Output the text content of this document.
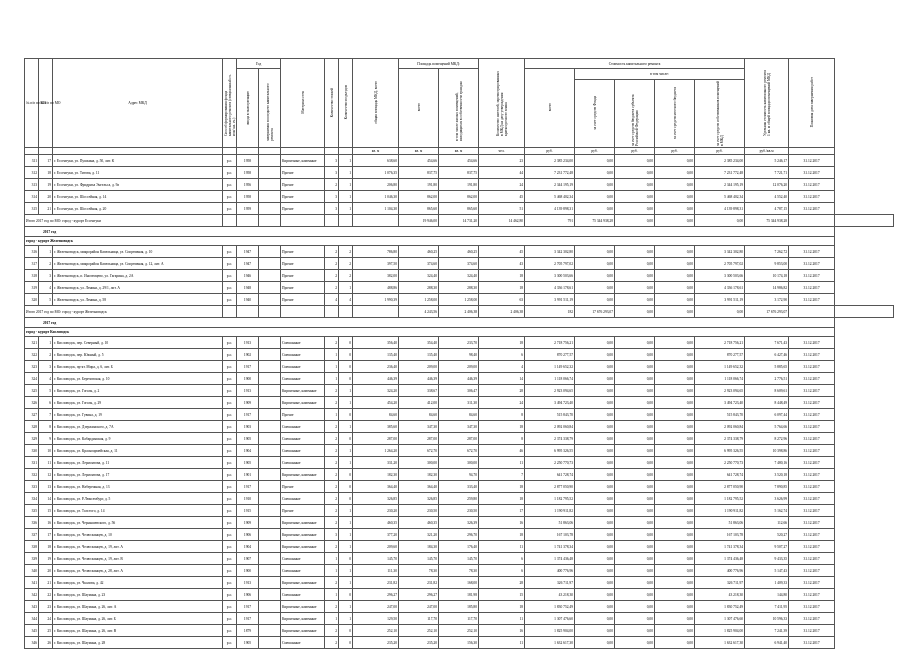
№ п/п по КП	№ п/п по МО	Адрес МКД	Способ формирования фонда капитального ремонта (специальный сч. или/ на. сч.)	Год		Материал стен	Количество этажей	Количество подъездов	общая площадь МКД, всего	Площадь помещений МКД:		Количество жителей, зарегистрированных в МКД на дату утверждения краткосрочного плана	Стоимость капитального ремонта					Удельная стоимость капитального ремонта 1 кв. м общей площади помещений МКД	Плановая дата завершения работ	
				ввода в эксплуатацию	завершения последнего капитального ремонта					всего	в том числе жилых помещений, находящихся в собственности граждан		всего	в том числе:						
														за счет средств Фонда	за счет средств бюджета субъекта Российской Федерации	за счет средств местного бюджета	за счет средств собственников помещений в МКД			
									кв. м	кв. м	кв. м	чел.	руб.	руб.	руб.	руб.	руб.	руб./кв.м		
311	17	г. Ессентуки, ул. Пушкина, д. 50, лит. К	р.о.	1958		Кирпичные, каменные	3	1	638,60	454,66	454,66	23	2 385 234,00	0,00	0,00	0,00	2 385 234,00	5 246,17	31.12.2017	
312	18	г. Ессентуки, ул. Титова, д. 11	р.о.	1958		Прочие	3	1	1 076,35	837,75	837,75	44	7 231 772,48	0,00	0,00	0,00	7 231 772,48	7 721,71	31.12.2017	
313	19	г. Ессентуки, ул. Фридриха Энгельса, д. 9а	р.о.	1956		Прочие	2	1	206,80	191,80	191,80	24	2 344 195,19	0,00	0,00	0,00	2 344 195,19	12 076,20	31.12.2017	
314	20	г. Ессентуки, ул. Шоссейная, д. 14	р.о.	1958		Прочие	3	1	1 046,30	862,00	862,00	45	5 468 402,34	0,00	0,00	0,00	5 468 402,34	4 552,40	31.12.2017	
315	21	г. Ессентуки, ул. Шоссейная, д. 20	р.о.	1959		Прочие	3	1	1 104,30	865,60	865,60	51	4 139 898,31	0,00	0,00	0,00	4 139 898,31	4 787,15	31.12.2017	
Итого 2017 год по МО: город - курорт Ессентуки										19 946,00	14 731,20	14 462,80	791	75 344 938,28	0,00	0,00	0,00	75 344 938,28		
2017 год																				
город - курорт Железноводск																				
316	1	г. Железноводск, микрорайон Капельница, ул. Спортивная, д. 10	р.о.	1947		Прочие	2	2	786,80	460,25	460,25	45	3 342 302,80	0,00	0,00	0,00	3 342 302,80	7 262,72	31.12.2017	
317	2	г. Железноводск, микрорайон Капельница, ул. Спортивная, д. 12, лит. А	р.о.	1947		Прочие	2	2	397,50	374,60	374,60	43	2 705 797,02	0,00	0,00	0,00	2 705 797,02	9 853,00	31.12.2017	
318	3	г. Железноводск, п. Иноземцево, ул. Гагарина, д. 2А	р.о.	1946		Прочие	2	2	382,00	324,40	324,40	18	3 300 503,66	0,00	0,00	0,00	3 300 503,66	10 174,18	31.12.2017	
319	4	г. Железноводск, ул. Ленина, д. 29/1, лит. А	р.о.	1948		Прочие	2	1	488,86	288,30	288,30	18	4 336 178,61	0,00	0,00	0,00	4 336 178,61	14 986,82	31.12.2017	
320	5	г. Железноводск, ул. Ленина, д. 58	р.о.	1940		Прочие	4	4	1 990,39	1 258,00	1 258,00	63	3 991 511,19	0,00	0,00	0,00	3 991 511,19	3 172,90	31.12.2017	
Итого 2017 год по МО: город - курорт Железноводск										4 243,56	2 406,38	2 406,38	182	17 676 293,07	0,00	0,00	0,00	17 676 293,07		
2017 год																				
город - курорт Кисловодск																				
321	1	г. Кисловодск, пер. Северный, д. 10	р.о.	1913		Смешанные	2	0	356,40	354,40	233,70	18	2 718 756,21	0,00	0,00	0,00	2 718 756,21	7 671,43	31.12.2017	
322	2	г. Кисловодск, пер. Южный, д. 5	р.о.	1902		Смешанные	1	0	135,40	135,40	98,40	6	870 277,57	0,00	0,00	0,00	870 277,57	6 427,46	31.12.2017	
323	3	г. Кисловодск, пр-кт. Мира, д. 6, лит. Б	р.о.	1917		Смешанные	1	0	236,40	209,00	209,00	4	1 149 652,32	0,00	0,00	0,00	1 149 652,32	5 885,65	31.12.2017	
324	4	г. Кисловодск, ул. Березовская, д. 10	р.о.	1900		Смешанные	1	0	446,39	446,39	446,39	14	1 118 066,74	0,00	0,00	0,00	1 118 066,74	2 776,51	31.12.2017	
325	5	г. Кисловодск, ул. Гоголя, д. 2	р.о.	1913		Кирпичные, каменные	2	1	324,20	338,67	306,47	28	2 923 094,65	0,00	0,00	0,00	2 923 094,65	8 609,61	31.12.2017	
326	6	г. Кисловодск, ул. Гоголя, д. 29	р.о.	1909		Кирпичные, каменные	2	1	454,20	412,00	311,30	24	3 494 723,40	0,00	0,00	0,00	3 494 723,40	8 448,49	31.12.2017	
327	7	г. Кисловодск, ул. Гувина, д. 19	р.о.	1917		Прочие	1	0	84,60	84,60	84,60	8	515 843,70	0,00	0,00	0,00	515 843,70	6 097,44	31.12.2017	
328	8	г. Кисловодск, ул. Дзержинского, д. 7А	р.о.	1903		Смешанные	2	1	385,60	347,30	347,30	18	2 092 060,84	0,00	0,00	0,00	2 092 060,84	5 764,66	31.12.2017	
329	9	г. Кисловодск, ул. Кабардинская, д. 9	р.о.	1905		Смешанные	2	0	287,00	287,00	287,00	8	2 374 338,79	0,00	0,00	0,00	2 374 338,79	8 272,96	31.12.2017	
330	10	г. Кисловодск, ул. Красноармейская, д. 11	р.о.	1904		Смешанные	2	1	1 264,20	672,70	672,70	46	6 995 326,55	0,00	0,00	0,00	6 995 326,55	10 398,86	31.12.2017	
331	11	г. Кисловодск, ул. Лермонтова, д. 11	р.о.	1905		Смешанные	2	1	331,20	300,00	300,00	11	2 250 770,73	0,00	0,00	0,00	2 250 770,73	7 480,16	31.12.2017	
332	12	г. Кисловодск, ул. Лермонтова, д. 17	р.о.	1901		Кирпичные, каменные	2	0	182,30	182,30	94,70	7	641 728,74	0,00	0,00	0,00	641 728,74	3 520,18	31.12.2017	
333	13	г. Кисловодск, ул. Набережная, д. 13	р.о.	1917		Прочие	2	0	364,40	364,40	333,40	18	2 877 050,90	0,00	0,00	0,00	2 877 050,90	7 890,85	31.12.2017	
334	14	г. Кисловодск, ул. Р.Люксембург, д. 5	р.о.	1910		Смешанные	2	0	326,85	326,85	259,80	18	1 182 795,52	0,00	0,00	0,00	1 182 795,52	3 626,99	31.12.2017	
335	15	г. Кисловодск, ул. Толстого, д. 14	р.о.	1915		Прочие	2	1	230,20	230,50	230,50	17	1 190 911,82	0,00	0,00	0,00	1 190 911,82	5 162,74	31.12.2017	
336	16	г. Кисловодск, ул. Чернышевского, д. 56	р.о.	1909		Кирпичные, каменные	2	1	460,35	460,35	326,39	16	51 863,06	0,00	0,00	0,00	51 863,06	112,66	31.12.2017	
337	17	г. Кисловодск, ул. Челюскинцев, д. 10	р.о.	1906		Кирпичные, каменные	3	1	377,20	321,20	296,70	18	167 103,78	0,00	0,00	0,00	167 103,78	520,27	31.12.2017	
338	18	г. Кисловодск, ул. Челюскинцев, д. 19, лит. А	р.о.	1904		Кирпичные, каменные	2	1	209,60	184,30	176,40	11	1 741 378,34	0,00	0,00	0,00	1 741 378,34	9 507,27	31.12.2017	
339	19	г. Кисловодск, ул. Челюскинцев, д. 19, лит. В	р.о.	1907		Смешанные	1	0	145,70	145,70	145,70	6	1 374 436,48	0,00	0,00	0,00	1 374 436,48	9 433,35	31.12.2017	
340	20	г. Кисловодск, ул. Челюскинцев, д. 28, лит. А	р.о.	1900		Смешанные	1	1	111,30	78,30	78,30	6	400 776,96	0,00	0,00	0,00	400 776,96	5 147,43	31.12.2017	
341	21	г. Кисловодск, ул. Чкалова, д. 42	р.о.	1913		Кирпичные, каменные	2	1	231,82	231,82	168,00	28	326 711,97	0,00	0,00	0,00	326 711,97	1 409,33	31.12.2017	
342	22	г. Кисловодск, ул. Шаумяна, д. 23	р.о.	1906		Смешанные	1	0	296,27	296,27	181,98	15	43 218,30	0,00	0,00	0,00	43 218,30	144,80	31.12.2017	
343	23	г. Кисловодск, ул. Шаумяна, д. 26, лит. А	р.о.	1917		Кирпичные, каменные	2	1	247,00	247,00	185,80	18	1 830 752,49	0,00	0,00	0,00	1 830 752,49	7 411,95	31.12.2017	
344	24	г. Кисловодск, ул. Шаумяна, д. 26, лит. Б	р.о.	1917		Кирпичные, каменные	1	1	129,50	117,70	117,70	11	1 307 476,60	0,00	0,00	0,00	1 307 476,60	10 596,33	31.12.2017	
345	25	г. Кисловодск, ул. Шаумяна, д. 26, лит. В	р.о.	1879		Кирпичные, каменные	2	0	252,10	252,10	252,10	16	1 825 904,00	0,00	0,00	0,00	1 825 904,00	7 241,39	31.12.2017	
346	26	г. Кисловодск, ул. Шаумяна, д. 28	р.о.	1905		Смешанные	2	0	235,20	235,20	156,30	11	1 632 617,30	0,00	0,00	0,00	1 632 617,30	6 941,40	31.12.2017	
